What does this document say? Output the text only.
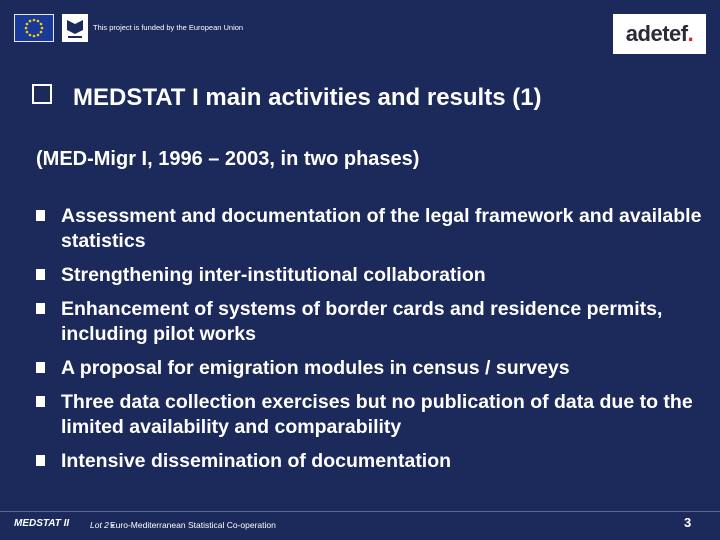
This project is funded by the European Union	adetef .
MEDSTAT I main activities and results (1)
(MED-Migr I, 1996 – 2003, in two phases)
Assessment and documentation of the legal framework and available statistics
Strengthening inter-institutional collaboration
Enhancement of systems of border cards and residence permits, including pilot works
A proposal for emigration modules in census / surveys
Three data collection exercises but no publication of data due to the limited availability and comparability
Intensive dissemination of documentation
MEDSTAT II Lot 2 ▪
Euro-Mediterranean Statistical Co-operation	3
